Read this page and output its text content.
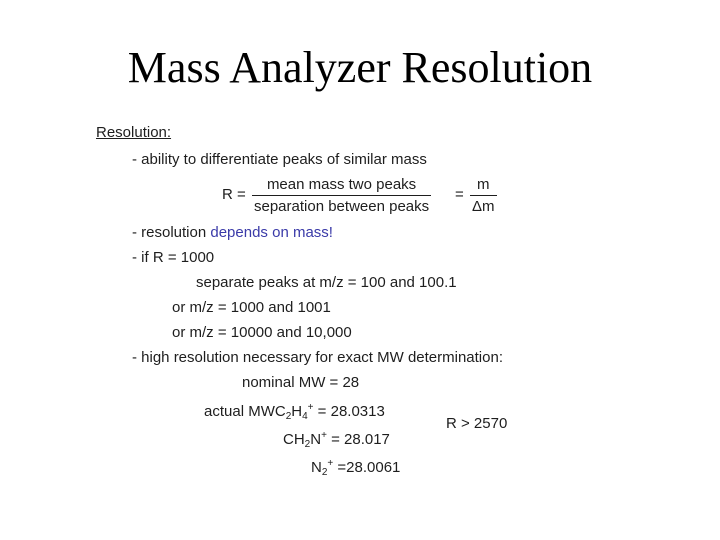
Mass Analyzer Resolution
Resolution:
- ability to differentiate peaks of similar mass
R =
mean mass two peaks
separation between peaks
=
m
Δm
- resolution depends on mass!
- if R = 1000
separate peaks at m/z = 100 and 100.1
or m/z = 1000 and 1001
or m/z = 10000 and 10,000
- high resolution necessary for exact MW determination:
nominal MW = 28
actual $MWC_2H_4^+ = 28.0313$
$CH_2N^+ = 28.017$
$N_2^+ =28.0061$
R > 2570
